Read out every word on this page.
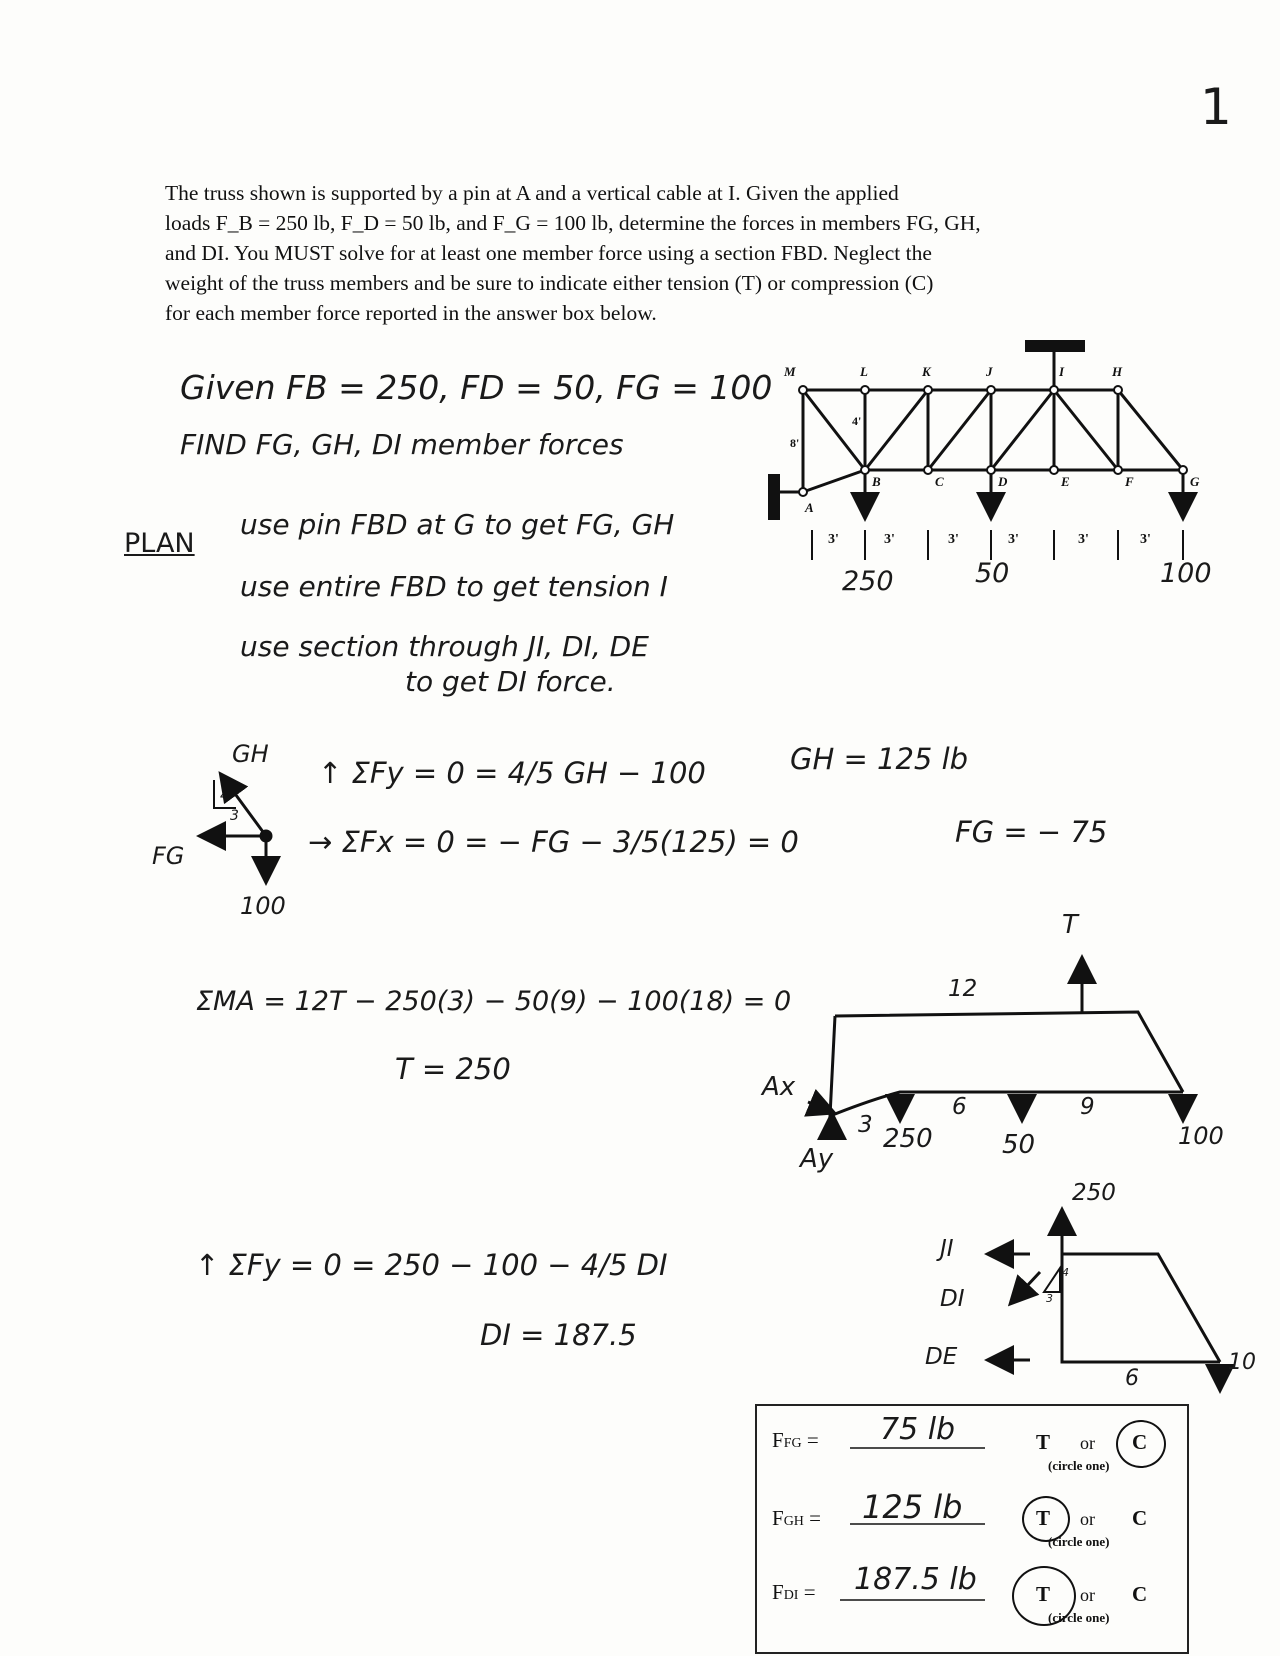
1

The truss shown is supported by a pin at A and a vertical cable at I. Given the applied

loads F_B = 250 lb, F_D = 50 lb, and F_G = 100 lb, determine the forces in members FG, GH,

and DI. You MUST solve for at least one member force using a section FBD. Neglect the

weight of the truss members and be sure to indicate either tension (T) or compression (C)

for each member force reported in the answer box below.

Given FB = 250, FD = 50, FG = 100
FIND FG, GH, DI member forces
PLAN
use pin FBD at G to get FG, GH
use entire FBD to get tension I
use section through JI, DI, DE
to get DI force.
GH
FG
100
4
3
↑ ΣFy = 0 = 4/5 GH − 100	GH = 125 lb
→ ΣFx = 0 = − FG − 3/5(125) = 0	FG = − 75
ΣMA = 12T − 250(3) − 50(9) − 100(18) = 0
T = 250
↑ ΣFy = 0 = 250 − 100 − 4/5 DI
DI = 187.5
M	L	K	J	I	H
A
B	C	D	E	F	G
4'
8'
3'	3'	3'	3'	3'	3'
250	50	100
12
T
Ax
Ay
3 250
6
50
9
100
250
JI
DI
DE
6
10
4
3
FFG = 75 lb	T or C
(circle one)
FGH = 125 lb	T or C
(circle one)
FDI = 187.5 lb	T or C
(circle one)
